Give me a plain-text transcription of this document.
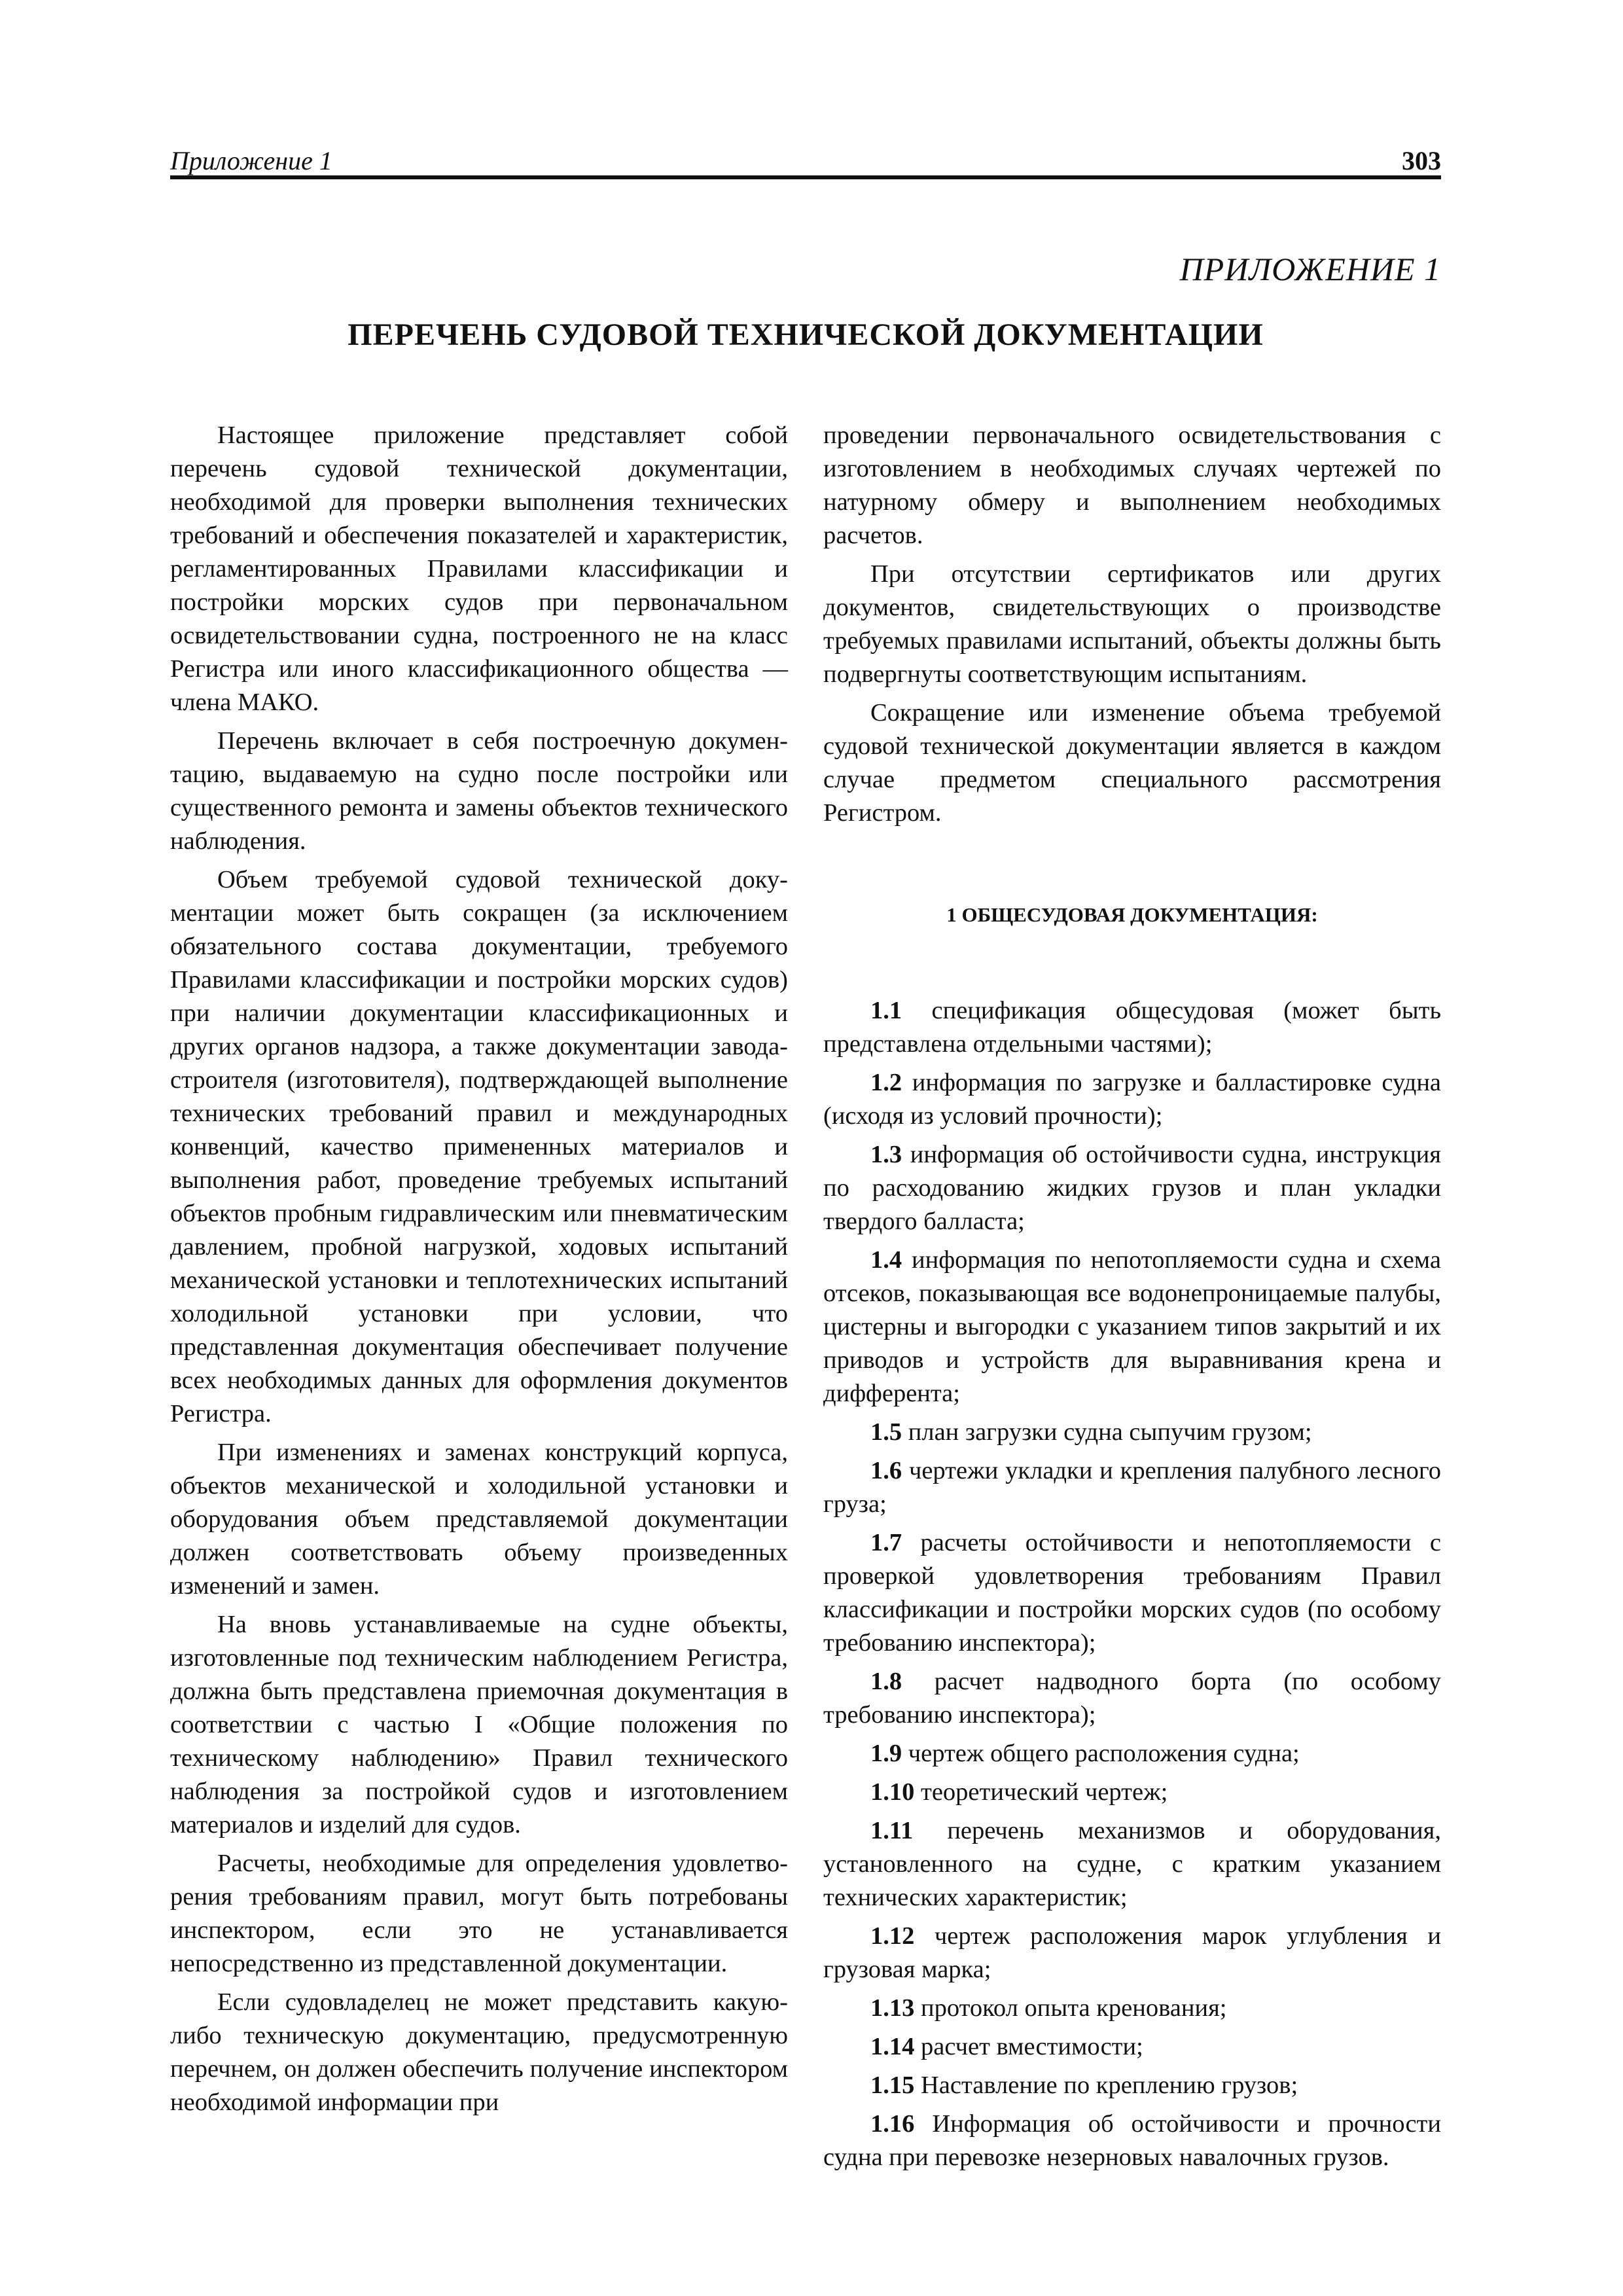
Приложение 1	303
ПРИЛОЖЕНИЕ 1
ПЕРЕЧЕНЬ СУДОВОЙ ТЕХНИЧЕСКОЙ ДОКУМЕНТАЦИИ

Настоящее приложение представляет собой перечень судовой технической документации, необходимой для проверки выполнения технических требований и обеспечения показателей и характеристик, регламентированных Правилами классификации и постройки морских судов при первоначальном освидетельствовании судна, построенного не на класс Регистра или иного классификационного общества — члена МАКО.

Перечень включает в себя построечную документацию, выдаваемую на судно после постройки или существенного ремонта и замены объектов технического наблюдения.

Объем требуемой судовой технической документации может быть сокращен (за исключением обязательного состава документации, требуемого Правилами классификации и постройки морских судов) при наличии документации классификационных и других органов надзора, а также документации завода-строителя (изготовителя), подтверждающей выполнение технических требований правил и международных конвенций, качество примененных материалов и выполнения работ, проведение требуемых испытаний объектов пробным гидравлическим или пневматическим давлением, пробной нагрузкой, ходовых испытаний механической установки и теплотехнических испытаний холодильной установки при условии, что представленная документация обеспечивает получение всех необходимых данных для оформления документов Регистра.

При изменениях и заменах конструкций корпуса, объектов механической и холодильной установки и оборудования объем представляемой документации должен соответствовать объему произведенных изменений и замен.

На вновь устанавливаемые на судне объекты, изготовленные под техническим наблюдением Регистра, должна быть представлена приемочная документация в соответствии с частью I «Общие положения по техническому наблюдению» Правил технического наблюдения за постройкой судов и изготовлением материалов и изделий для судов.

Расчеты, необходимые для определения удовлетворения требованиям правил, могут быть потребованы инспектором, если это не устанавливается непосредственно из представленной документации.

Если судовладелец не может представить какую-либо техническую документацию, предусмотренную перечнем, он должен обеспечить получение инспектором необходимой информации при

проведении первоначального освидетельствования с изготовлением в необходимых случаях чертежей по натурному обмеру и выполнением необходимых расчетов.

При отсутствии сертификатов или других документов, свидетельствующих о производстве требуемых правилами испытаний, объекты должны быть подвергнуты соответствующим испытаниям.

Сокращение или изменение объема требуемой судовой технической документации является в каждом случае предметом специального рассмотрения Регистром.

1 ОБЩЕСУДОВАЯ ДОКУМЕНТАЦИЯ:

1.1 спецификация общесудовая (может быть представлена отдельными частями);

1.2 информация по загрузке и балластировке судна (исходя из условий прочности);

1.3 информация об остойчивости судна, инструкция по расходованию жидких грузов и план укладки твердого балласта;

1.4 информация по непотопляемости судна и схема отсеков, показывающая все водонепроницаемые палубы, цистерны и выгородки с указанием типов закрытий и их приводов и устройств для выравнивания крена и дифферента;

1.5 план загрузки судна сыпучим грузом;

1.6 чертежи укладки и крепления палубного лесного груза;

1.7 расчеты остойчивости и непотопляемости с проверкой удовлетворения требованиям Правил классификации и постройки морских судов (по особому требованию инспектора);

1.8 расчет надводного борта (по особому требованию инспектора);

1.9 чертеж общего расположения судна;

1.10 теоретический чертеж;

1.11 перечень механизмов и оборудования, установленного на судне, с кратким указанием технических характеристик;

1.12 чертеж расположения марок углубления и грузовая марка;

1.13 протокол опыта кренования;

1.14 расчет вместимости;

1.15 Наставление по креплению грузов;

1.16 Информация об остойчивости и прочности судна при перевозке незерновых навалочных грузов.
